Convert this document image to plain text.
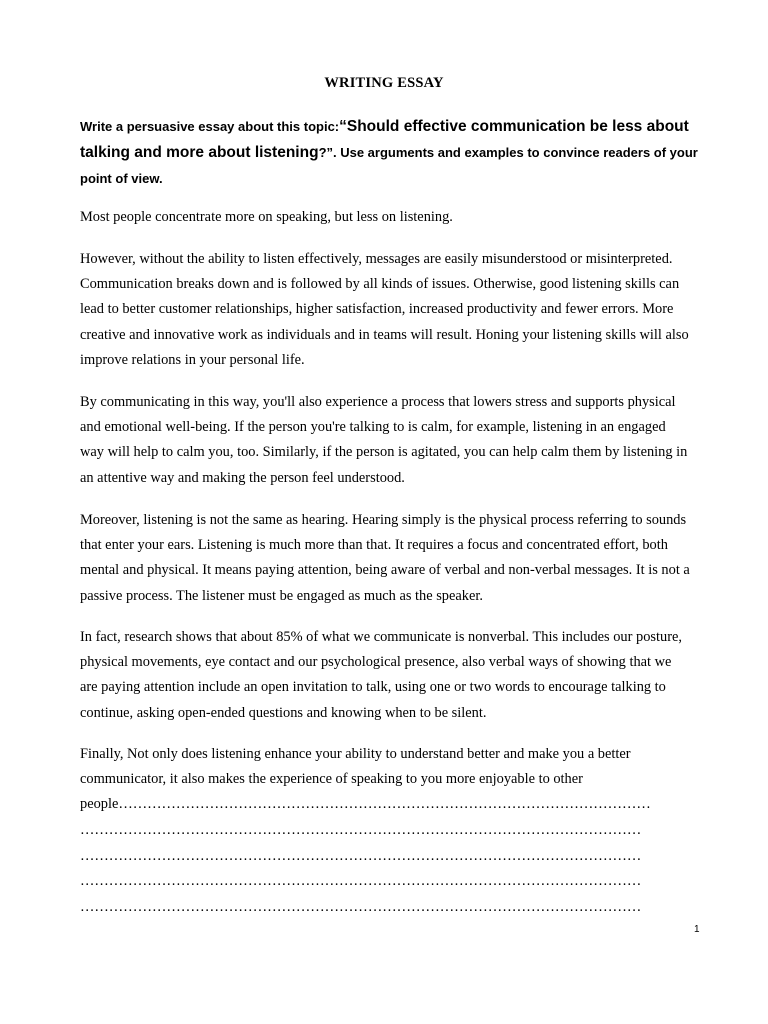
WRITING ESSAY

Write a persuasive essay about this topic:“Should effective communication be less about talking and more about listening?”. Use arguments and examples to convince readers of your point of view.

Most people concentrate more on speaking, but less on listening.

However, without the ability to listen effectively, messages are easily misunderstood or misinterpreted. Communication breaks down and is followed by all kinds of issues. Otherwise, good listening skills can lead to better customer relationships, higher satisfaction, increased productivity and fewer errors. More creative and innovative work as individuals and in teams will result. Honing your listening skills will also improve relations in your personal life.

By communicating in this way, you'll also experience a process that lowers stress and supports physical and emotional well-being. If the person you're talking to is calm, for example, listening in an engaged way will help to calm you, too. Similarly, if the person is agitated, you can help calm them by listening in an attentive way and making the person feel understood.

Moreover, listening is not the same as hearing. Hearing simply is the physical process referring to sounds that enter your ears. Listening is much more than that. It requires a focus and concentrated effort, both mental and physical. It means paying attention, being aware of verbal and non-verbal messages. It is not a passive process. The listener must be engaged as much as the speaker.

In fact, research shows that about 85% of what we communicate is nonverbal. This includes our posture, physical movements, eye contact and our psychological presence, also verbal ways of showing that we are paying attention include an open invitation to talk, using one or two words to encourage talking to continue, asking open-ended questions and knowing when to be silent.

Finally, Not only does listening enhance your ability to understand better and make you a better communicator, it also makes the experience of speaking to you more enjoyable to other people…………………………………………………………………………………………………

………………………………………………………………………………………………………
………………………………………………………………………………………………………
………………………………………………………………………………………………………
………………………………………………………………………………………………………
1
